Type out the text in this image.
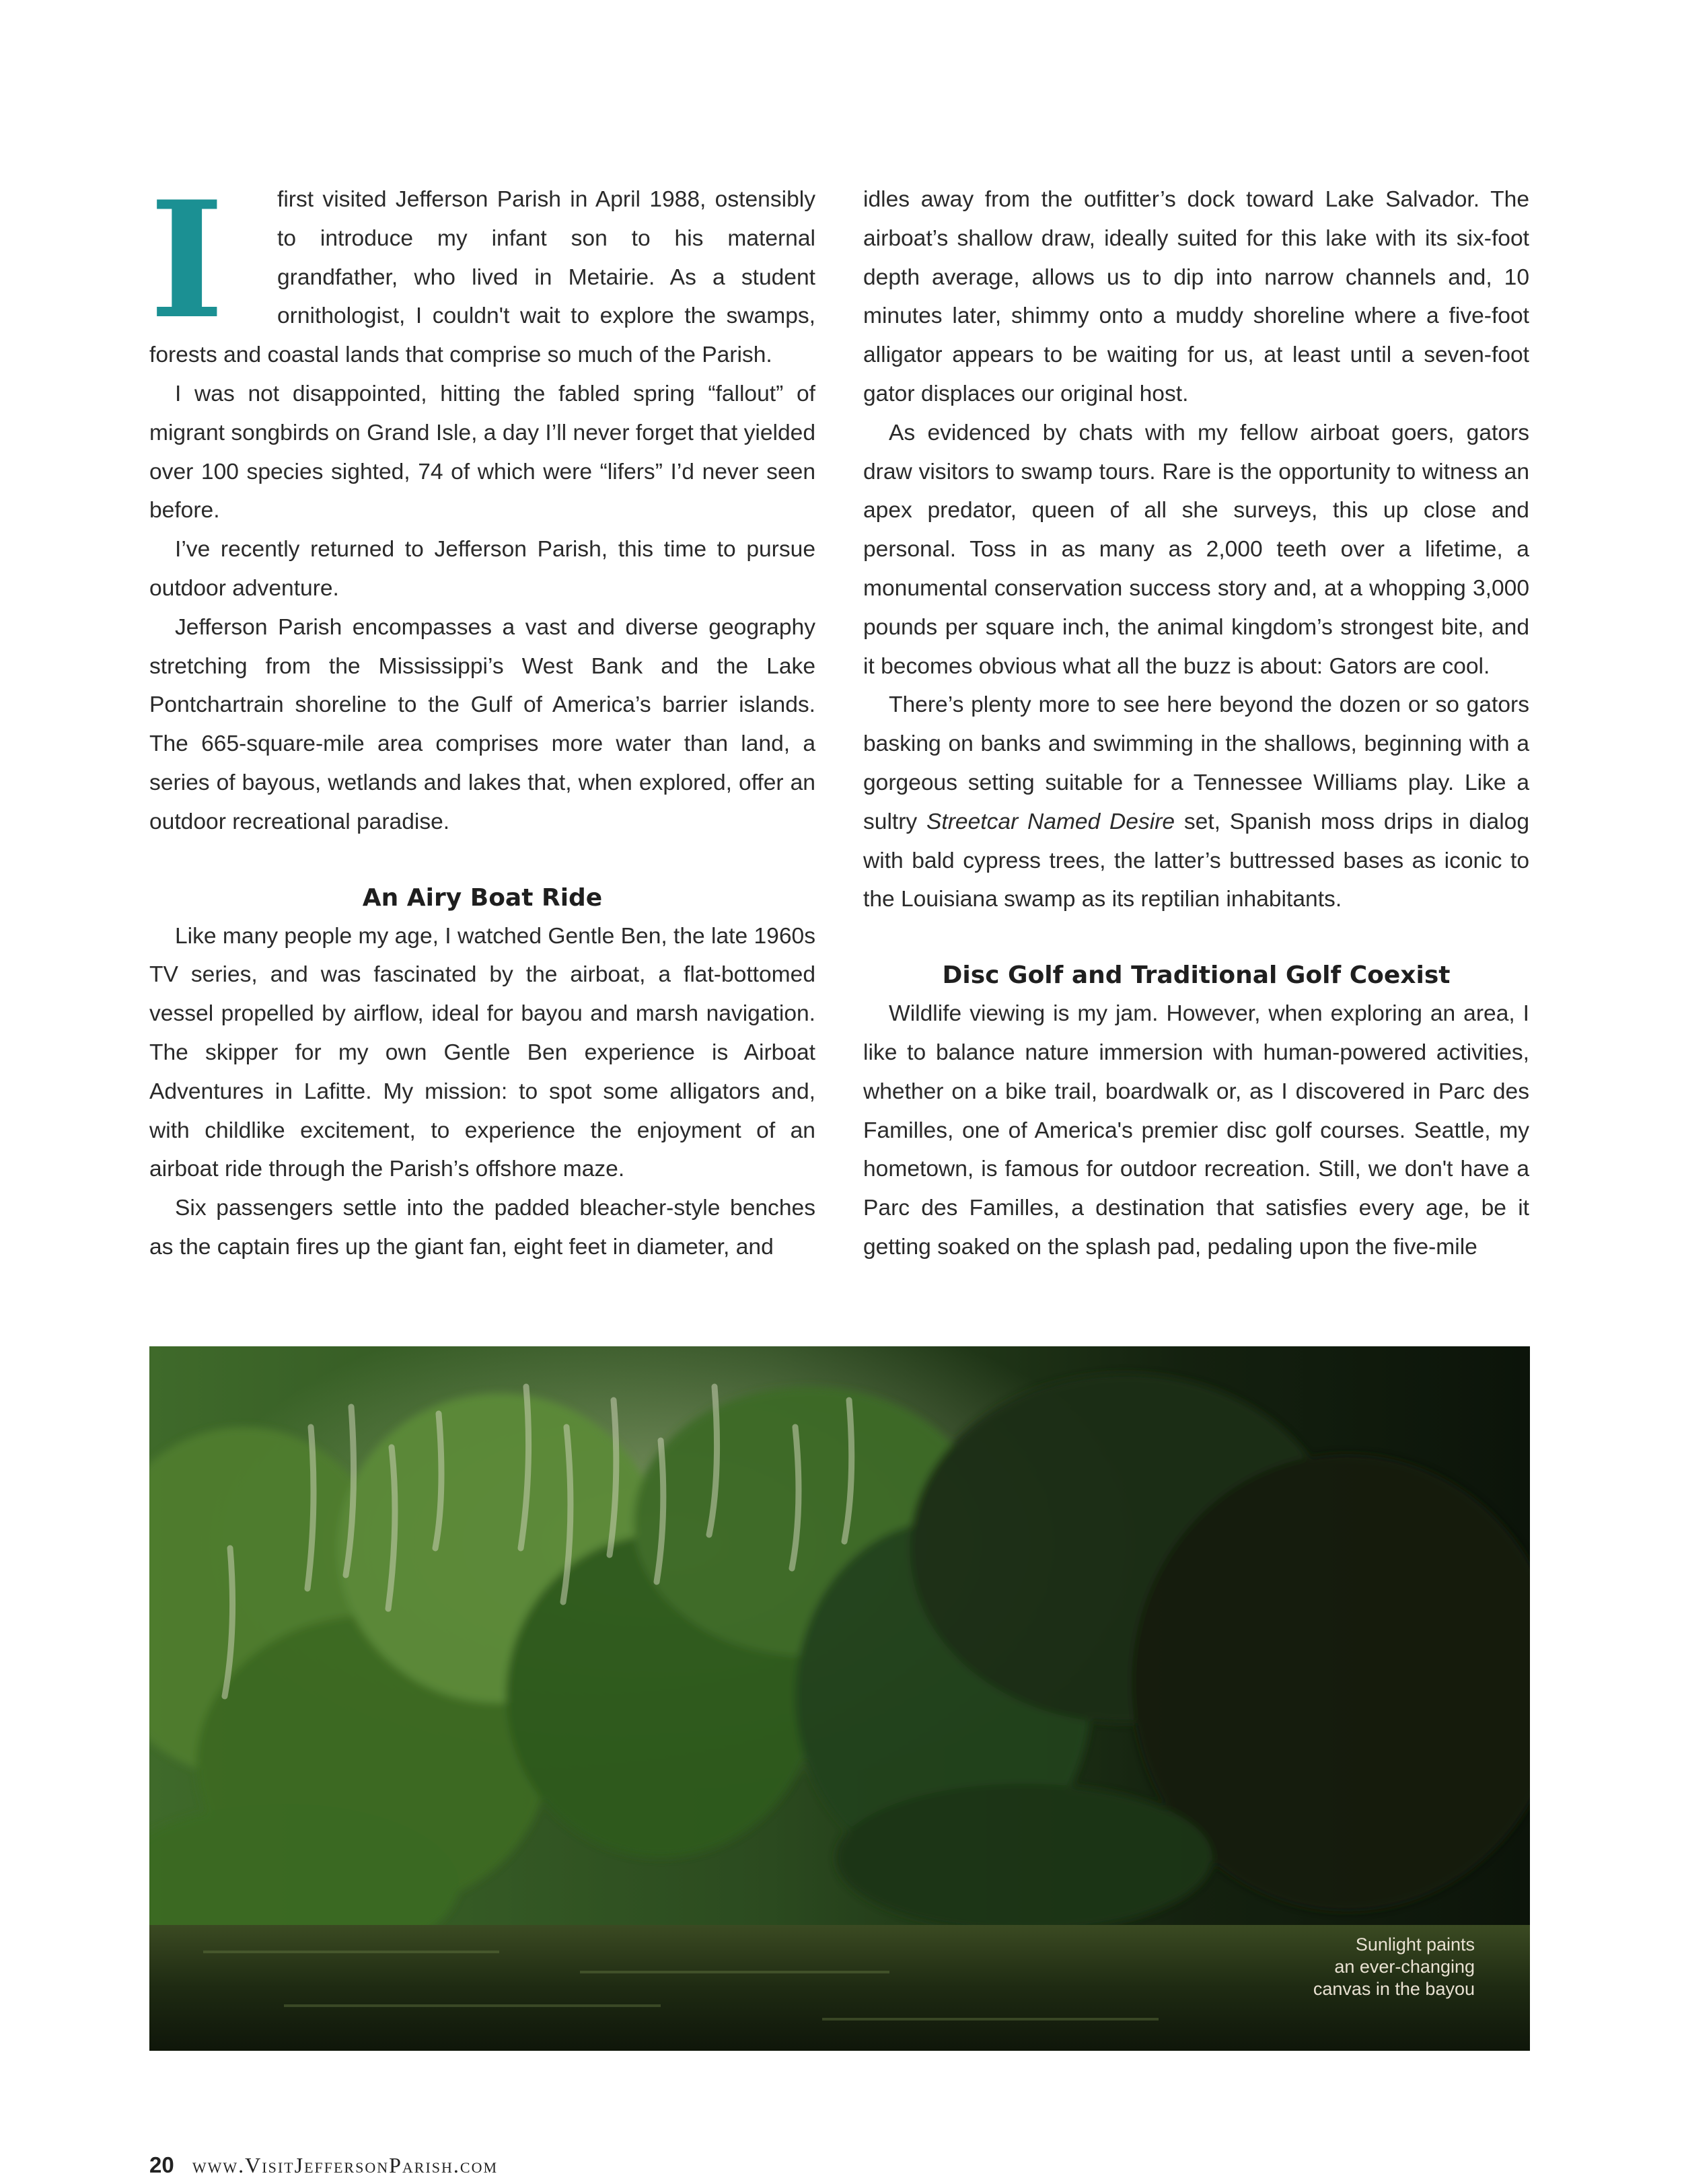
I	first visited Jefferson Parish in April 1988, ostensibly to introduce my infant son to his maternal grandfather, who lived in Metairie. As a student ornithologist, I couldn't wait to explore the swamps, forests and coastal lands that comprise so much of the Parish.

I was not disappointed, hitting the fabled spring “fallout” of migrant songbirds on Grand Isle, a day I’ll never forget that yielded over 100 species sighted, 74 of which were “lifers” I’d never seen before.

I’ve recently returned to Jefferson Parish, this time to pursue outdoor adventure.

Jefferson Parish encompasses a vast and diverse geography stretching from the Mississippi’s West Bank and the Lake Pontchartrain shoreline to the Gulf of America’s barrier islands. The 665-square-mile area comprises more water than land, a series of bayous, wetlands and lakes that, when explored, offer an outdoor recreational paradise.

An Airy Boat Ride

Like many people my age, I watched Gentle Ben, the late 1960s TV series, and was fascinated by the airboat, a flat-bottomed vessel propelled by airflow, ideal for bayou and marsh navigation. The skipper for my own Gentle Ben experience is Airboat Adventures in Lafitte. My mission: to spot some alligators and, with childlike excitement, to experience the enjoyment of an airboat ride through the Parish’s offshore maze.

Six passengers settle into the padded bleacher-style benches as the captain fires up the giant fan, eight feet in diameter, and

idles away from the outfitter’s dock toward Lake Salvador. The airboat’s shallow draw, ideally suited for this lake with its six-foot depth average, allows us to dip into narrow channels and, 10 minutes later, shimmy onto a muddy shoreline where a five-foot alligator appears to be waiting for us, at least until a seven-foot gator displaces our original host.

As evidenced by chats with my fellow airboat goers, gators draw visitors to swamp tours. Rare is the opportunity to witness an apex predator, queen of all she surveys, this up close and personal. Toss in as many as 2,000 teeth over a lifetime, a monumental conservation success story and, at a whopping 3,000 pounds per square inch, the animal kingdom’s strongest bite, and it becomes obvious what all the buzz is about: Gators are cool.

There’s plenty more to see here beyond the dozen or so gators basking on banks and swimming in the shallows, beginning with a gorgeous setting suitable for a Tennessee Williams play. Like a sultry Streetcar Named Desire set, Spanish moss drips in dialog with bald cypress trees, the latter’s buttressed bases as iconic to the Louisiana swamp as its reptilian inhabitants.

Disc Golf and Traditional Golf Coexist

Wildlife viewing is my jam. However, when exploring an area, I like to balance nature immersion with human-powered activities, whether on a bike trail, boardwalk or, as I discovered in Parc des Familles, one of America's premier disc golf courses. Seattle, my hometown, is famous for outdoor recreation. Still, we don't have a Parc des Familles, a destination that satisfies every age, be it getting soaked on the splash pad, pedaling upon the five-mile

Sunlight paints
an ever-changing
canvas in the bayou
20 www.VisitJeffersonParish.com
